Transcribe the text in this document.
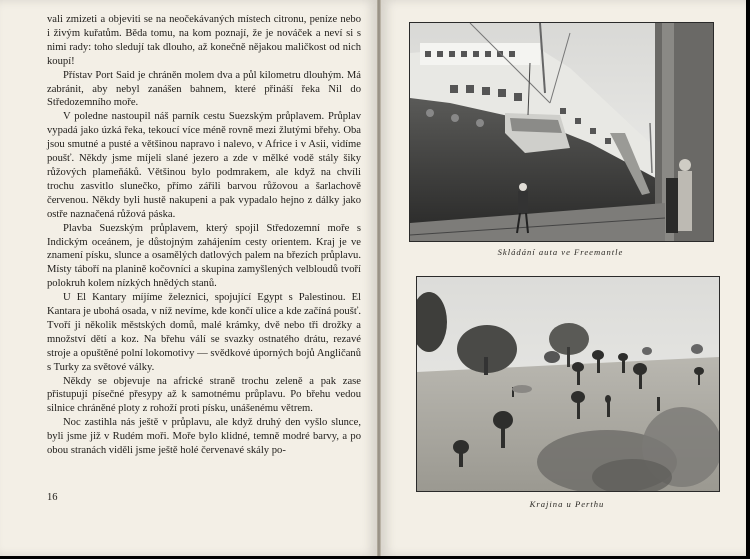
vali zmizeti a objeviti se na neočekávaných místech citronu, peníze nebo i živým kuřatům. Běda tomu, na kom poznají, že je nováček a neví si s nimi rady: toho sledují tak dlouho, až konečně nějakou maličkost od nich koupí!

Přístav Port Said je chráněn molem dva a půl kilometru dlouhým. Má zabránit, aby nebyl zanášen bahnem, které přináší řeka Nil do Středozemního moře.

V poledne nastoupil náš parník cestu Suezským průplavem. Průplav vypadá jako úzká řeka, tekoucí více méně rovně mezi žlutými břehy. Oba jsou smutné a pusté a většinou napravo i nalevo, v Africe i v Asii, vidíme poušť. Někdy jsme míjeli slané jezero a zde v mělké vodě stály šiky růžových plameňáků. Většinou bylo podmrakem, ale když na chvíli trochu zasvitlo slunečko, přímo zářili barvou růžovou a šarlachově červenou. Někdy byli hustě nakupeni a pak vypadalo hejno z dálky jako ostře naznačená růžová páska.

Plavba Suezským průplavem, který spojil Středozemní moře s Indickým oceánem, je důstojným zahájením cesty orientem. Kraj je ve znamení písku, slunce a osamělých datlových palem na březích průplavu. Místy táboří na planině kočovníci a skupina zamyšlených velbloudů tvoří polokruh kolem nízkých hnědých stanů.

U El Kantary míjíme železnici, spojující Egypt s Palestinou. El Kantara je ubohá osada, v níž nevíme, kde končí ulice a kde začíná poušť. Tvoří ji několik městských domů, malé krámky, dvě nebo tři drožky a množství dětí a koz. Na břehu válí se svazky ostnatého drátu, rezavé stroje a opuštěné polní lokomotivy — svědkové úporných bojů Angličanů s Turky za světové války.

Někdy se objevuje na africké straně trochu zeleně a pak zase přistupují písečné přesypy až k samotnému průplavu. Po břehu vedou silnice chráněné ploty z rohoží proti písku, unášenému větrem.

Noc zastihla nás ještě v průplavu, ale když druhý den vyšlo slunce, byli jsme již v Rudém moři. Moře bylo klidné, temně modré barvy, a po obou stranách viděli jsme ještě holé červenavé skály po-

16
Skládání auta ve Freemantle
Krajina u Perthu
